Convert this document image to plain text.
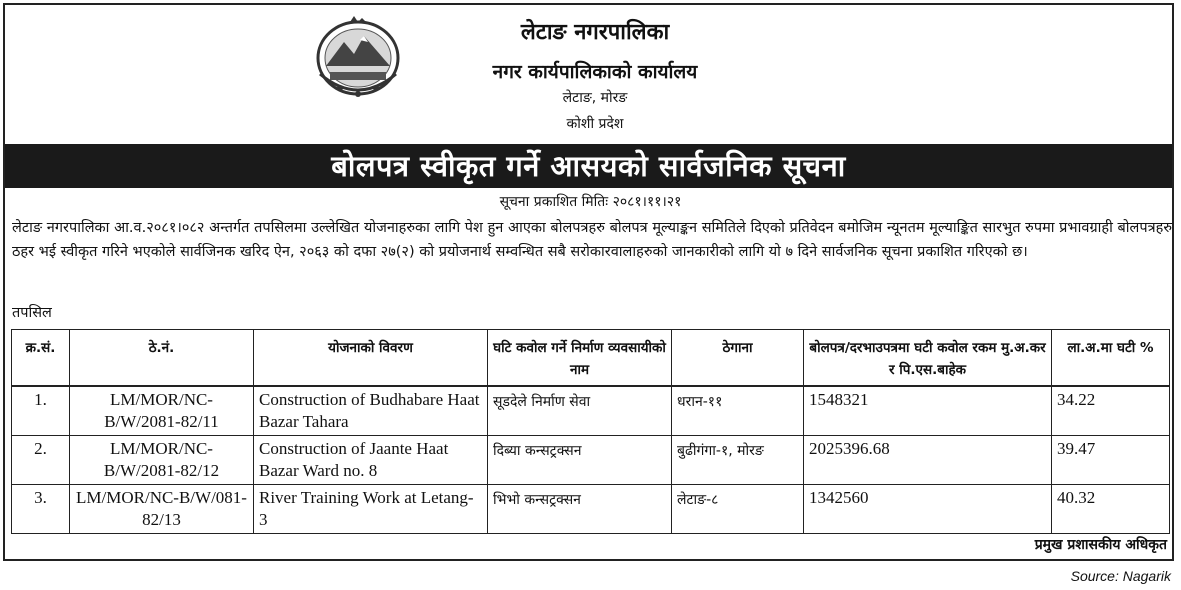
लेटाङ नगरपालिका
नगर कार्यपालिकाको कार्यालय
लेटाङ, मोरङ
कोशी प्रदेश
बोलपत्र स्वीकृत गर्ने आसयको सार्वजनिक सूचना
सूचना प्रकाशित मितिः २०८१।११।२१
लेटाङ नगरपालिका आ.व.२०८१।०८२ अन्तर्गत तपसिलमा उल्लेखित योजनाहरुका लागि पेश हुन आएका बोलपत्रहरु बोलपत्र मूल्याङ्कन समितिले दिएको प्रतिवेदन बमोजिम न्यूनतम मूल्याङ्कित सारभुत रुपमा प्रभावग्राही बोलपत्रहरु ठहर भई स्वीकृत गरिने भएकोले सार्वजिनक खरिद ऐन, २०६३ को दफा २७(२) को प्रयोजनार्थ सम्वन्धित सबै सरोकारवालाहरुको जानकारीको लागि यो ७ दिने सार्वजनिक सूचना प्रकाशित गरिएको छ।
तपसिल
क्र.सं.	ठे.नं.	योजनाको विवरण	घटि कवोल गर्ने निर्माण व्यवसायीको नाम	ठेगाना	बोलपत्र/दरभाउपत्रमा घटी कवोल रकम मु.अ.कर र पि.एस.बाहेक	ला.अ.मा घटी %
1.	LM/MOR/NC-B/W/2081-82/11	Construction of Budhabare Haat Bazar Tahara	सूडदेले निर्माण सेवा	धरान-११	1548321	34.22
2.	LM/MOR/NC-B/W/2081-82/12	Construction of Jaante Haat Bazar Ward no. 8	दिब्या कन्सट्रक्सन	बुढीगंगा-१, मोरङ	2025396.68	39.47
3.	LM/MOR/NC-B/W/081-82/13	River Training Work at Letang-3	भिभो कन्सट्रक्सन	लेटाङ-८	1342560	40.32
प्रमुख प्रशासकीय अधिकृत
Source: Nagarik
